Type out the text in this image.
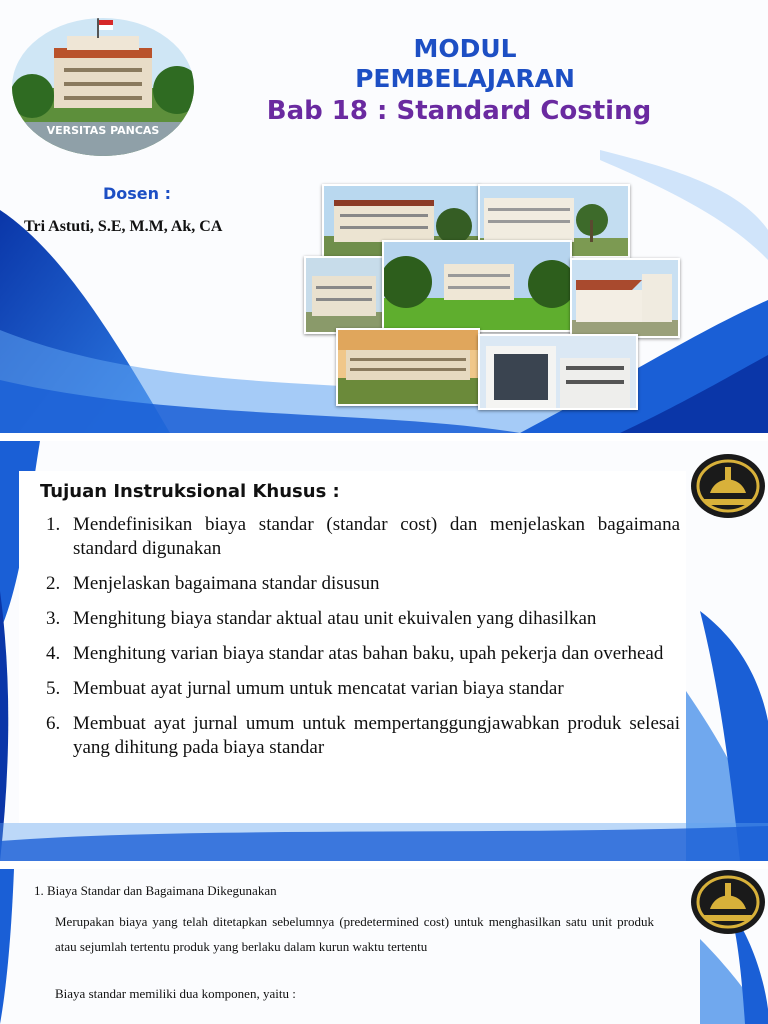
VERSITAS PANCAS
MODUL
PEMBELAJARAN
Bab 18 : Standard Costing
Dosen :
Tri Astuti, S.E, M.M, Ak, CA
Tujuan Instruksional Khusus :
1. Mendefinisikan biaya standar (standar cost) dan menjelaskan bagaimana standard digunakan
2. Menjelaskan bagaimana standar disusun
3. Menghitung biaya standar aktual atau unit ekuivalen yang dihasilkan
4. Menghitung varian biaya standar atas bahan baku, upah pekerja dan overhead
5. Membuat ayat jurnal umum untuk mencatat varian biaya standar
6. Membuat ayat jurnal umum untuk mempertanggungjawabkan produk selesai yang dihitung pada biaya standar
1. Biaya Standar dan Bagaimana Dikegunakan

Merupakan biaya yang telah ditetapkan sebelumnya (predetermined cost) untuk menghasilkan satu unit produk atau sejumlah tertentu produk yang berlaku dalam kurun waktu tertentu

Biaya standar memiliki dua komponen, yaitu :
